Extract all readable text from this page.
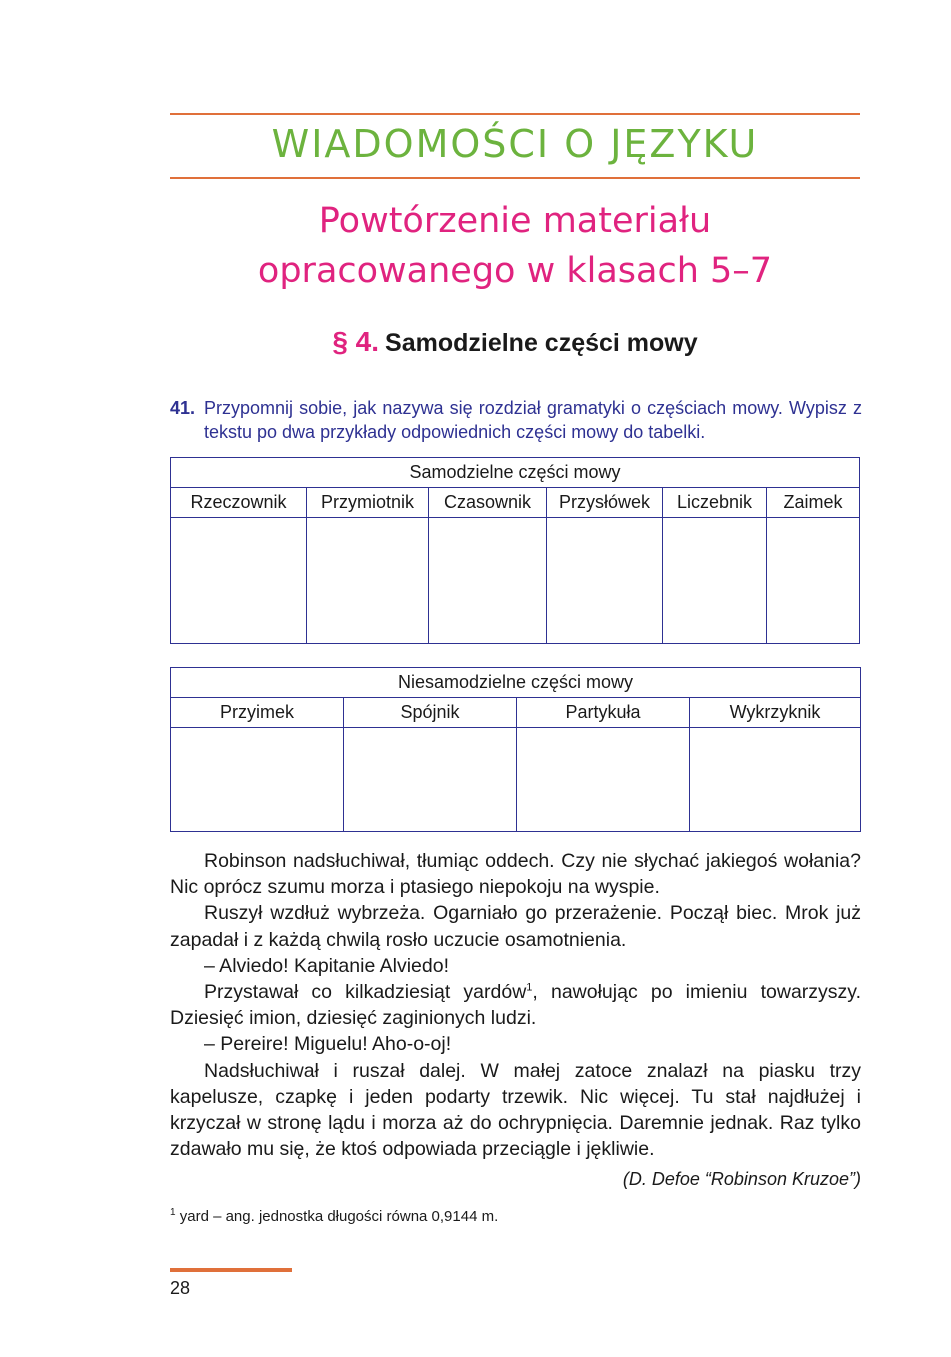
WIADOMOŚCI O JĘZYKU
Powtórzenie materiału
opracowanego w klasach 5–7
§ 4. Samodzielne części mowy
41. Przypomnij sobie, jak nazywa się rozdział gramatyki o częściach mowy. Wypisz z tekstu po dwa przykłady odpowiednich części mowy do tabelki.
Samodzielne części mowy					
Rzeczownik	Przymiotnik	Czasownik	Przysłówek	Liczebnik	Zaimek

Niesamodzielne części mowy			
Przyimek	Spójnik	Partykuła	Wykrzyknik

Robinson nadsłuchiwał, tłumiąc oddech. Czy nie słychać jakiegoś wołania? Nic oprócz szumu morza i ptasiego niepokoju na wyspie.

Ruszył wzdłuż wybrzeża. Ogarniało go przerażenie. Począł biec. Mrok już zapadał i z każdą chwilą rosło uczucie osamotnienia.

– Alviedo! Kapitanie Alviedo!

Przystawał co kilkadziesiąt yardów$^1$, nawołując po imieniu towarzyszy. Dziesięć imion, dziesięć zaginionych ludzi.

– Pereire! Miguelu! Aho-o-oj!

Nadsłuchiwał i ruszał dalej. W małej zatoce znalazł na piasku trzy kapelusze, czapkę i jeden podarty trzewik. Nic więcej. Tu stał najdłużej i krzyczał w stronę lądu i morza aż do ochrypnięcia. Daremnie jednak. Raz tylko zdawało mu się, że ktoś odpowiada przeciągle i jękliwie.

(D. Defoe “Robinson Kruzoe”)
$^1$ yard – ang. jednostka długości równa 0,9144 m.
28
